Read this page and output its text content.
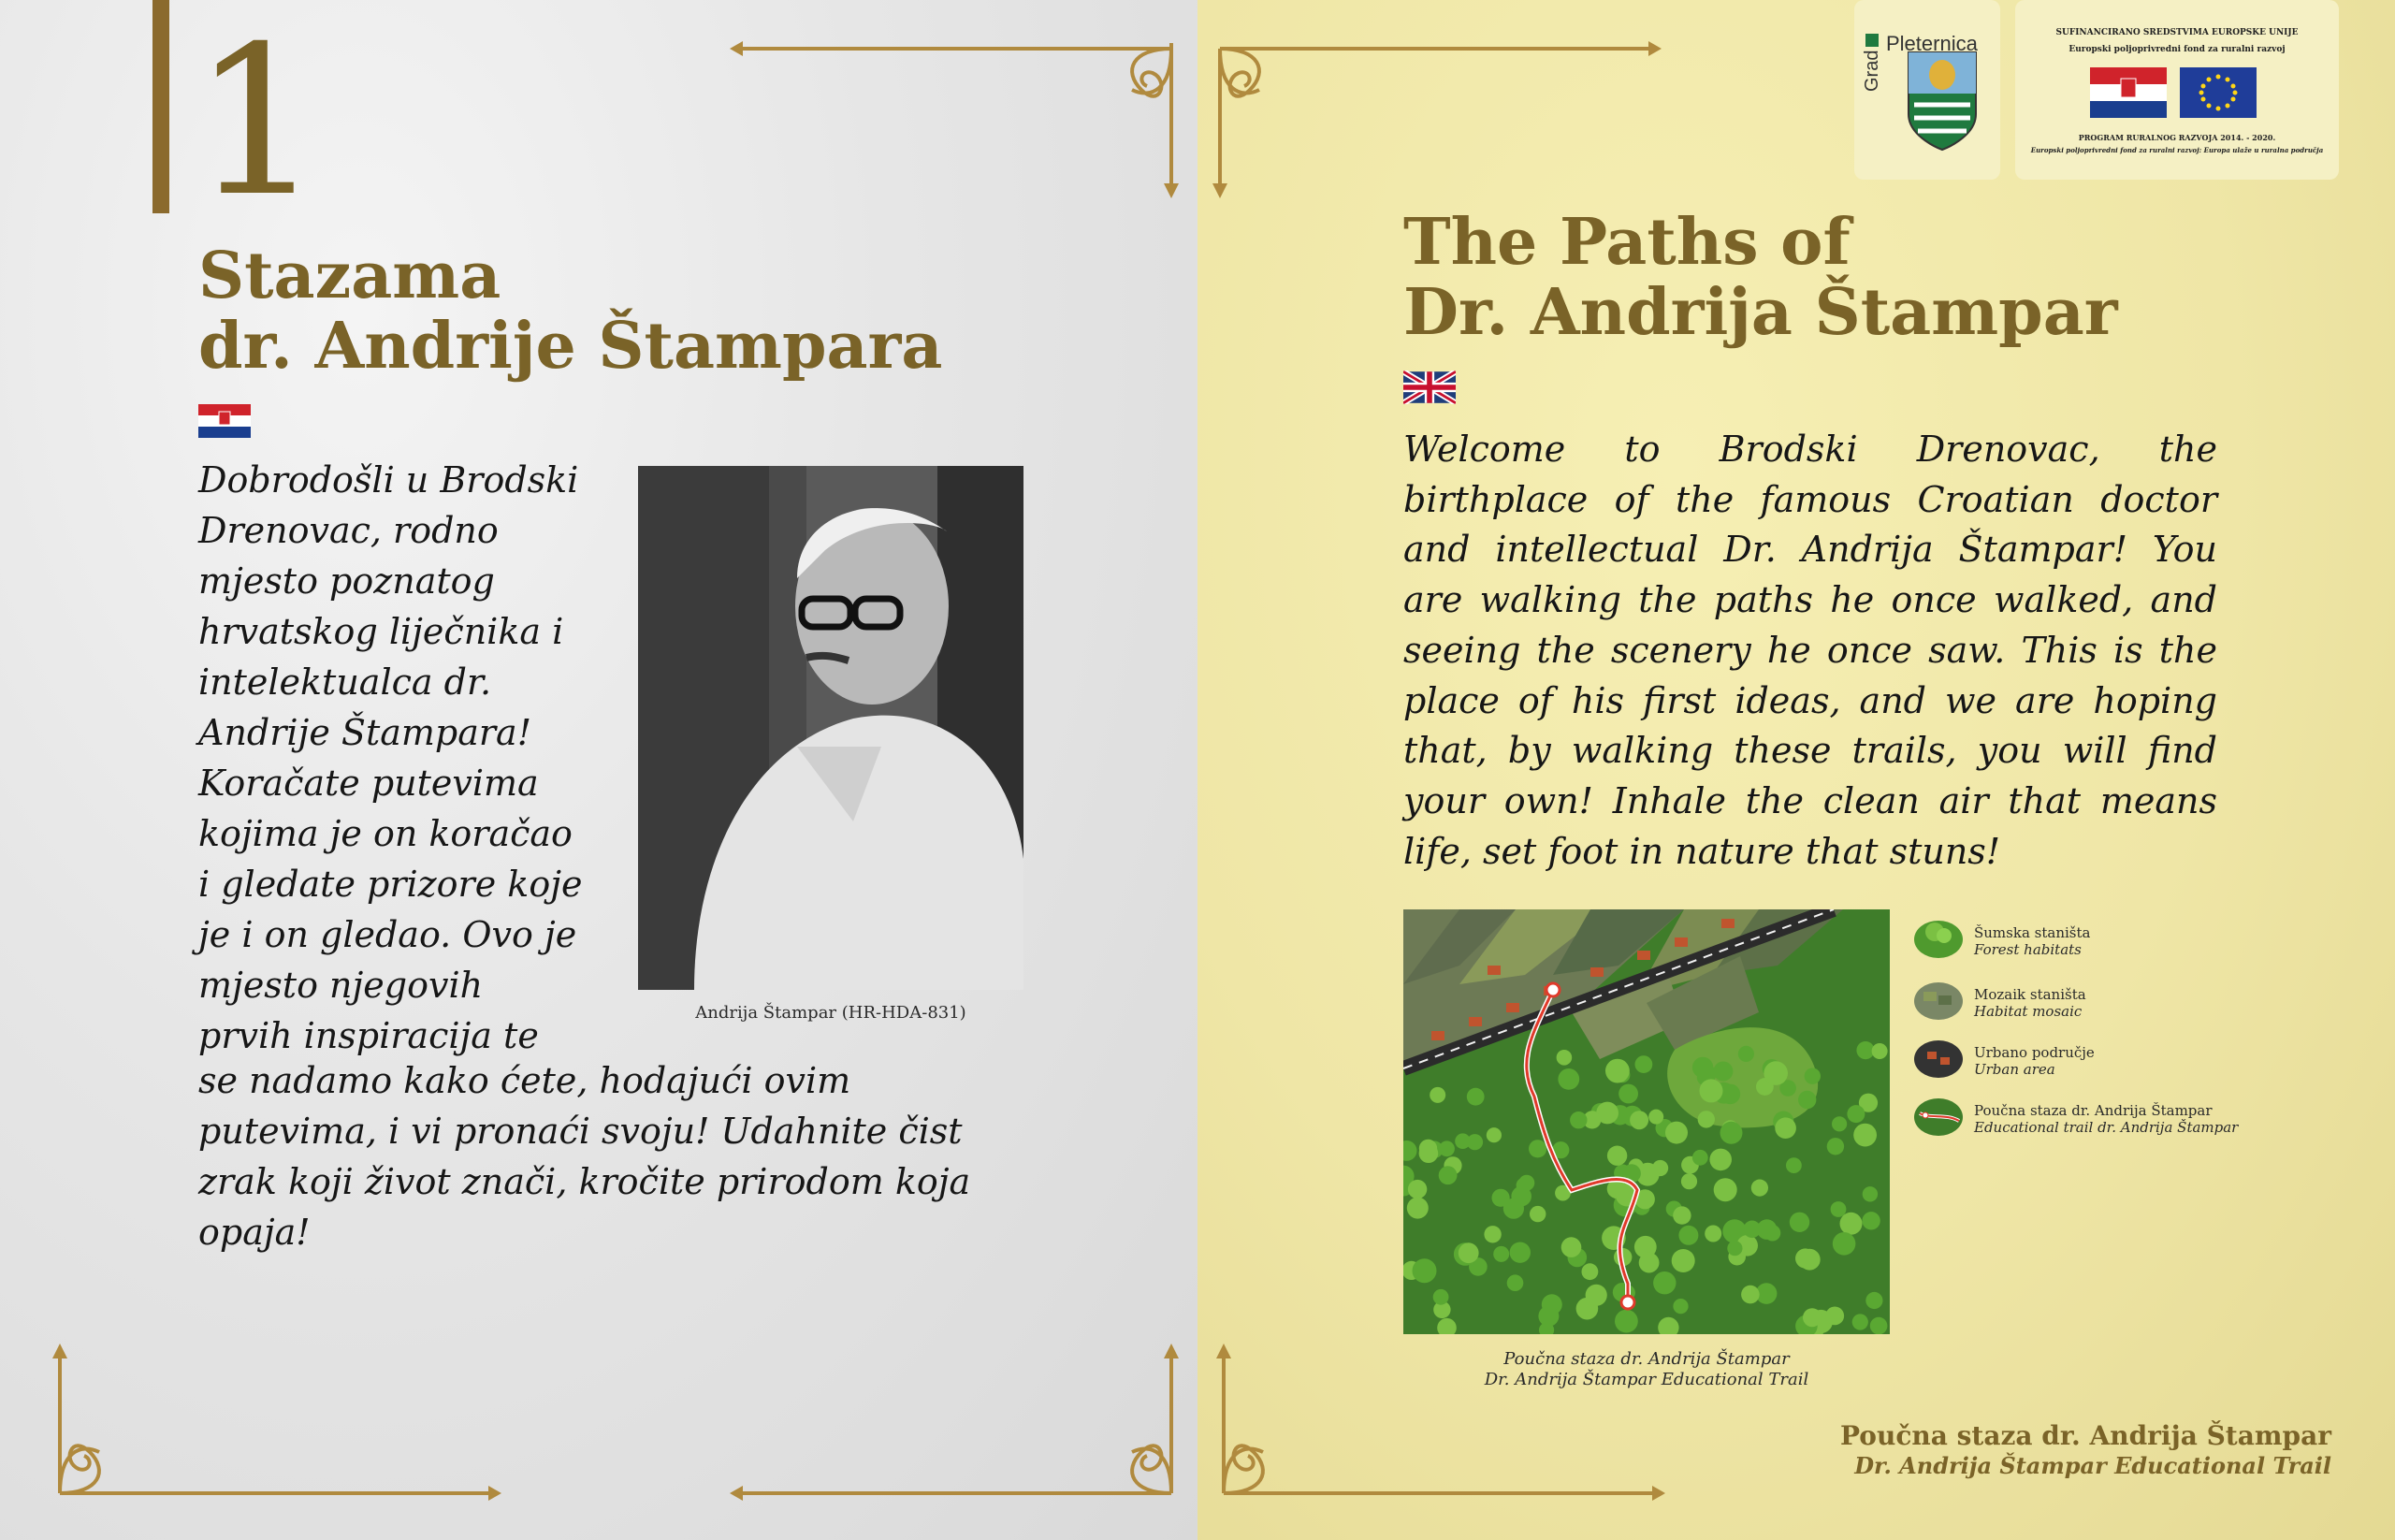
1
Stazama
dr. Andrije Štampara
Dobrodošli u Brodski
Drenovac, rodno
mjesto poznatog
hrvatskog liječnika i
intelektualca dr.
Andrije Štampara!
Koračate putevima
kojima je on koračao
i gledate prizore koje
je i on gledao. Ovo je
mjesto njegovih
prvih inspiracija te
Andrija Štampar (HR-HDA-831)
se nadamo kako ćete, hodajući ovim
putevima, i vi pronaći svoju! Udahnite čist
zrak koji život znači, kročite prirodom koja
opaja!
Grad
Pleternica	SUFINANCIRANO SREDSTVIMA EUROPSKE UNIJE
Europski poljoprivredni fond za ruralni razvoj
PROGRAM RURALNOG RAZVOJA 2014. - 2020.
Europski poljoprivredni fond za ruralni razvoj: Europa ulaže u ruralna područja
The Paths of
Dr. Andrija Štampar
Welcome to Brodski Drenovac, the birthplace of the famous Croatian doctor and intellectual Dr. Andrija Štampar! You are walking the paths he once walked, and seeing the scenery he once saw. This is the place of his first ideas, and we are hoping that, by walking these trails, you will find your own! Inhale the clean air that means life, set foot in nature that stuns!
Poučna staza dr. Andrija Štampar
Dr. Andrija Štampar Educational Trail
Šumska staništa
Forest habitats
Mozaik staništa
Habitat mosaic
Urbano područje
Urban area
Poučna staza dr. Andrija Štampar
Educational trail dr. Andrija Štampar
Poučna staza dr. Andrija Štampar
Dr. Andrija Štampar Educational Trail
